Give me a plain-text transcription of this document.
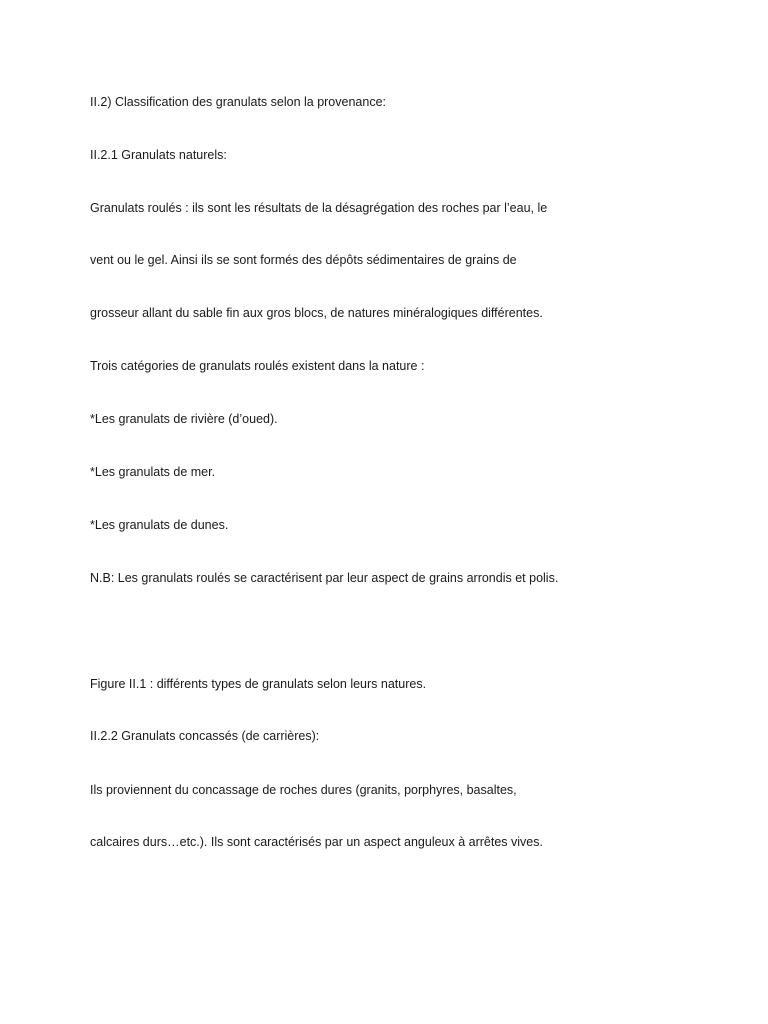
II.2) Classification des granulats selon la provenance:
II.2.1 Granulats naturels:
Granulats roulés : ils sont les résultats de la désagrégation des roches par l’eau, le
vent ou le gel. Ainsi ils se sont formés des dépôts sédimentaires de grains de
grosseur allant du sable fin aux gros blocs, de natures minéralogiques différentes.
Trois catégories de granulats roulés existent dans la nature :
*Les granulats de rivière (d’oued).
*Les granulats de mer.
*Les granulats de dunes.
N.B: Les granulats roulés se caractérisent par leur aspect de grains arrondis et polis.
Figure II.1 : différents types de granulats selon leurs natures.
II.2.2 Granulats concassés (de carrières):
Ils proviennent du concassage de roches dures (granits, porphyres, basaltes,
calcaires durs…etc.). Ils sont caractérisés par un aspect anguleux à arrêtes vives.
